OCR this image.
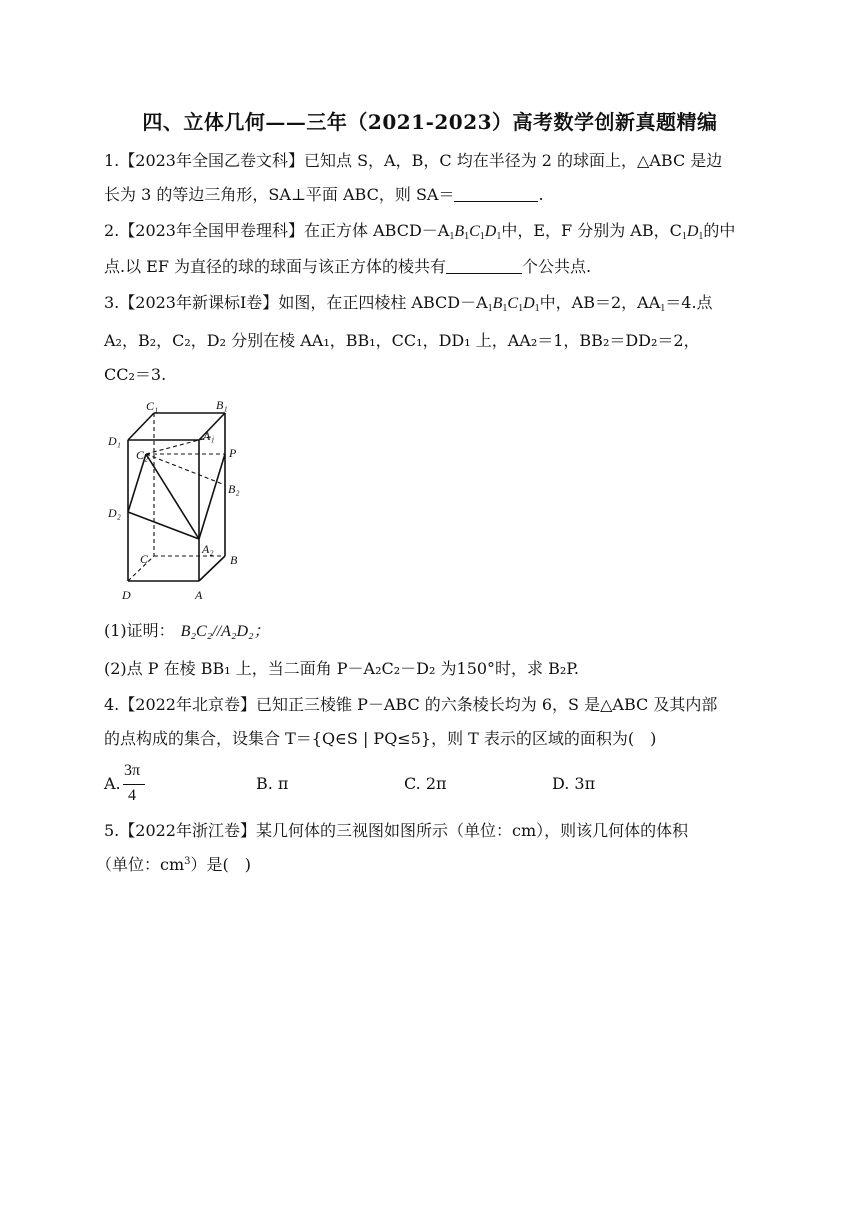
四、立体几何——三年（2021-2023）高考数学创新真题精编
1.【2023年全国乙卷文科】已知点 S，A，B，C 均在半径为 2 的球面上，△ABC 是边
长为 3 的等边三角形，SA⊥平面 ABC，则 SA＝	.
2.【2023年全国甲卷理科】在正方体 $ABCD-A_1B_1C_1D_1$中，E，F 分别为 AB，$C_1D_1$的中
点.以 EF 为直径的球的球面与该正方体的棱共有	个公共点.
3.【2023年新课标Ⅰ卷】如图，在正四棱柱 $ABCD-A_1B_1C_1D_1$中，AB＝2，$AA_1=4$.点
A₂，B₂，C₂，D₂ 分别在棱 AA₁，BB₁，CC₁，DD₁ 上，AA₂＝1，BB₂＝DD₂＝2，
CC₂＝3.
C₁	B₁
D₁	A₁
C₂	P
B₂
D₂
A₂
C	B
D	A
(1)证明： B₂C₂//A₂D₂；
(2)点 P 在棱 BB₁ 上，当二面角 P－A₂C₂－D₂ 为150°时，求 B₂P.
4.【2022年北京卷】已知正三棱锥 P－ABC 的六条棱长均为 6，S 是△ABC 及其内部
的点构成的集合，设集合 T＝{Q∈S | PQ≤5}，则 T 表示的区域的面积为(　)
A.
3π
4
B. π	C. 2π	D. 3π
5.【2022年浙江卷】某几何体的三视图如图所示（单位：cm），则该几何体的体积
（单位：$cm^3$）是(　)
